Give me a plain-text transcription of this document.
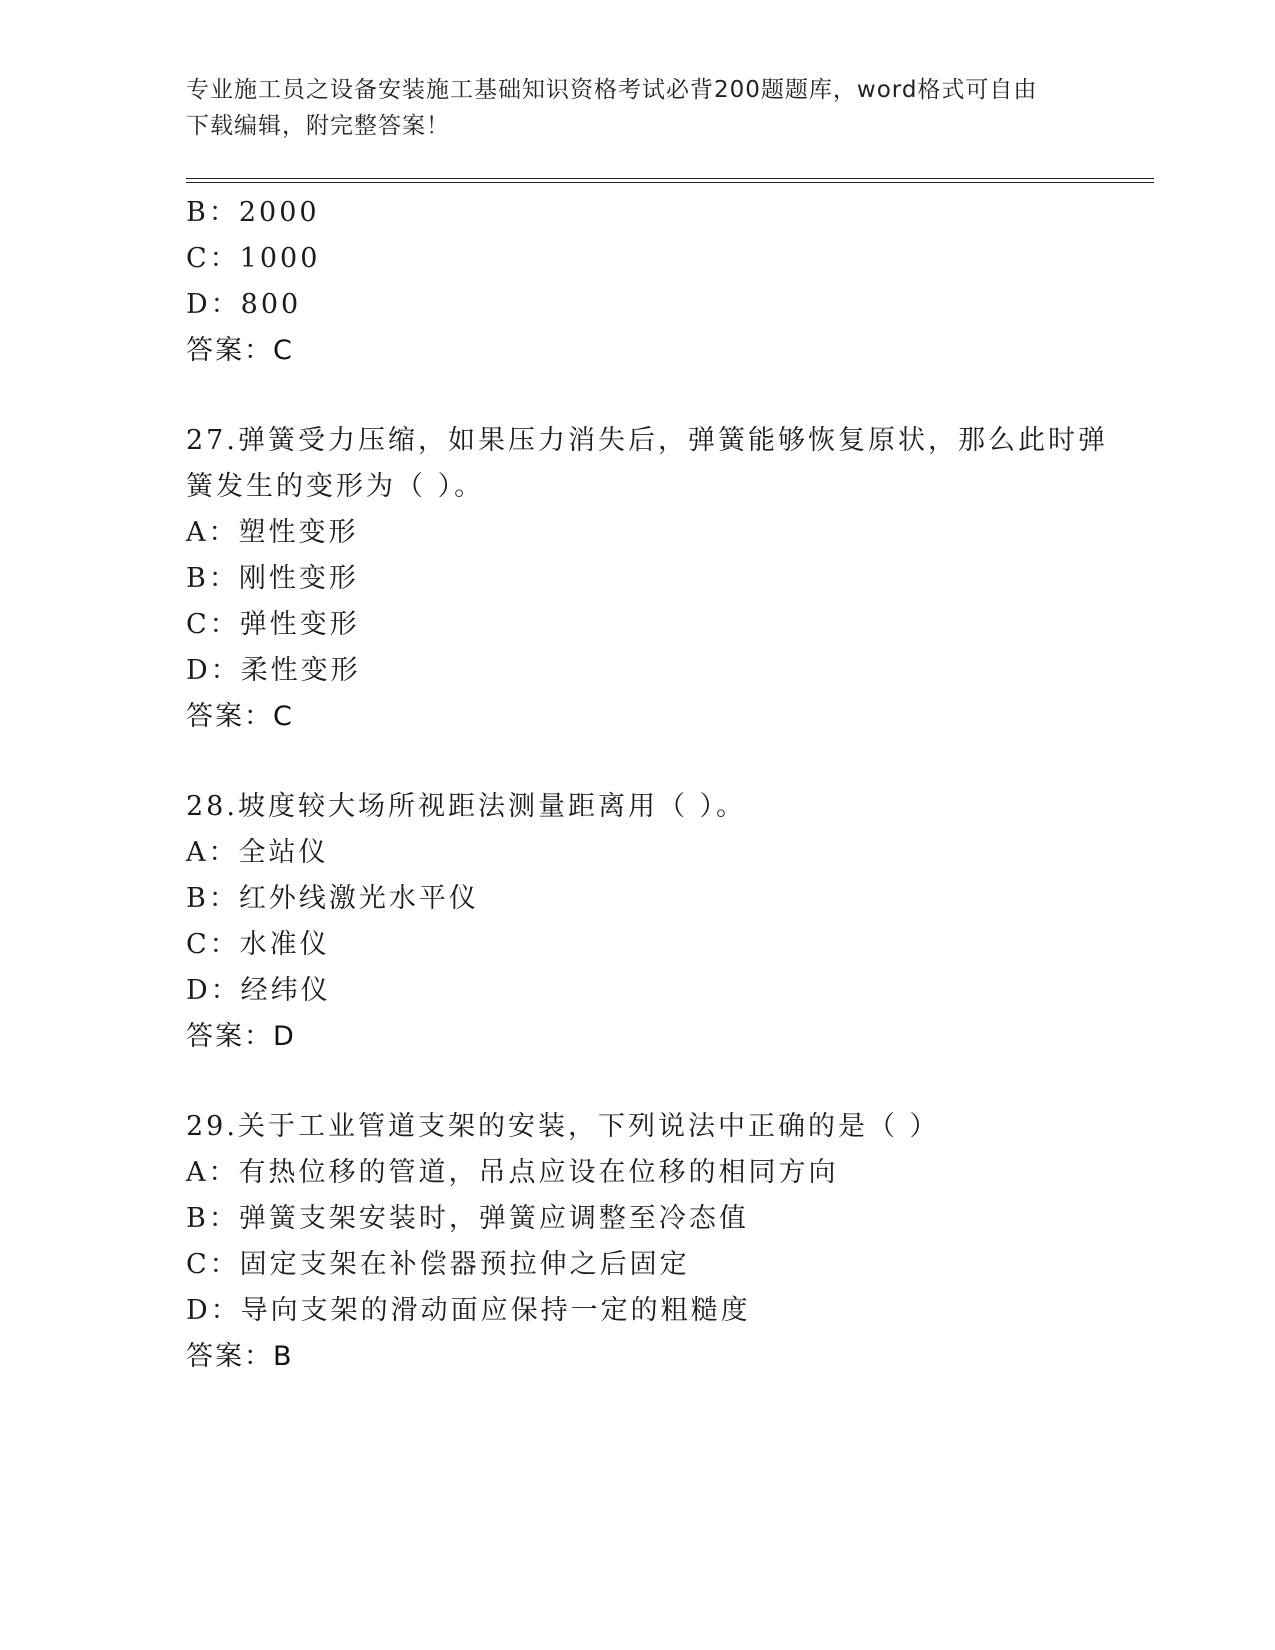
专业施工员之设备安装施工基础知识资格考试必背200题题库，word格式可自由
下载编辑，附完整答案！
B：2000
C：1000
D：800
答案：C
27.弹簧受力压缩，如果压力消失后，弹簧能够恢复原状，那么此时弹
簧发生的变形为（ ）。
A：塑性变形
B：刚性变形
C：弹性变形
D：柔性变形
答案：C
28.坡度较大场所视距法测量距离用（ ）。
A：全站仪
B：红外线激光水平仪
C：水准仪
D：经纬仪
答案：D
29.关于工业管道支架的安装，下列说法中正确的是（ ）
A：有热位移的管道，吊点应设在位移的相同方向
B：弹簧支架安装时，弹簧应调整至冷态值
C：固定支架在补偿器预拉伸之后固定
D：导向支架的滑动面应保持一定的粗糙度
答案：B
